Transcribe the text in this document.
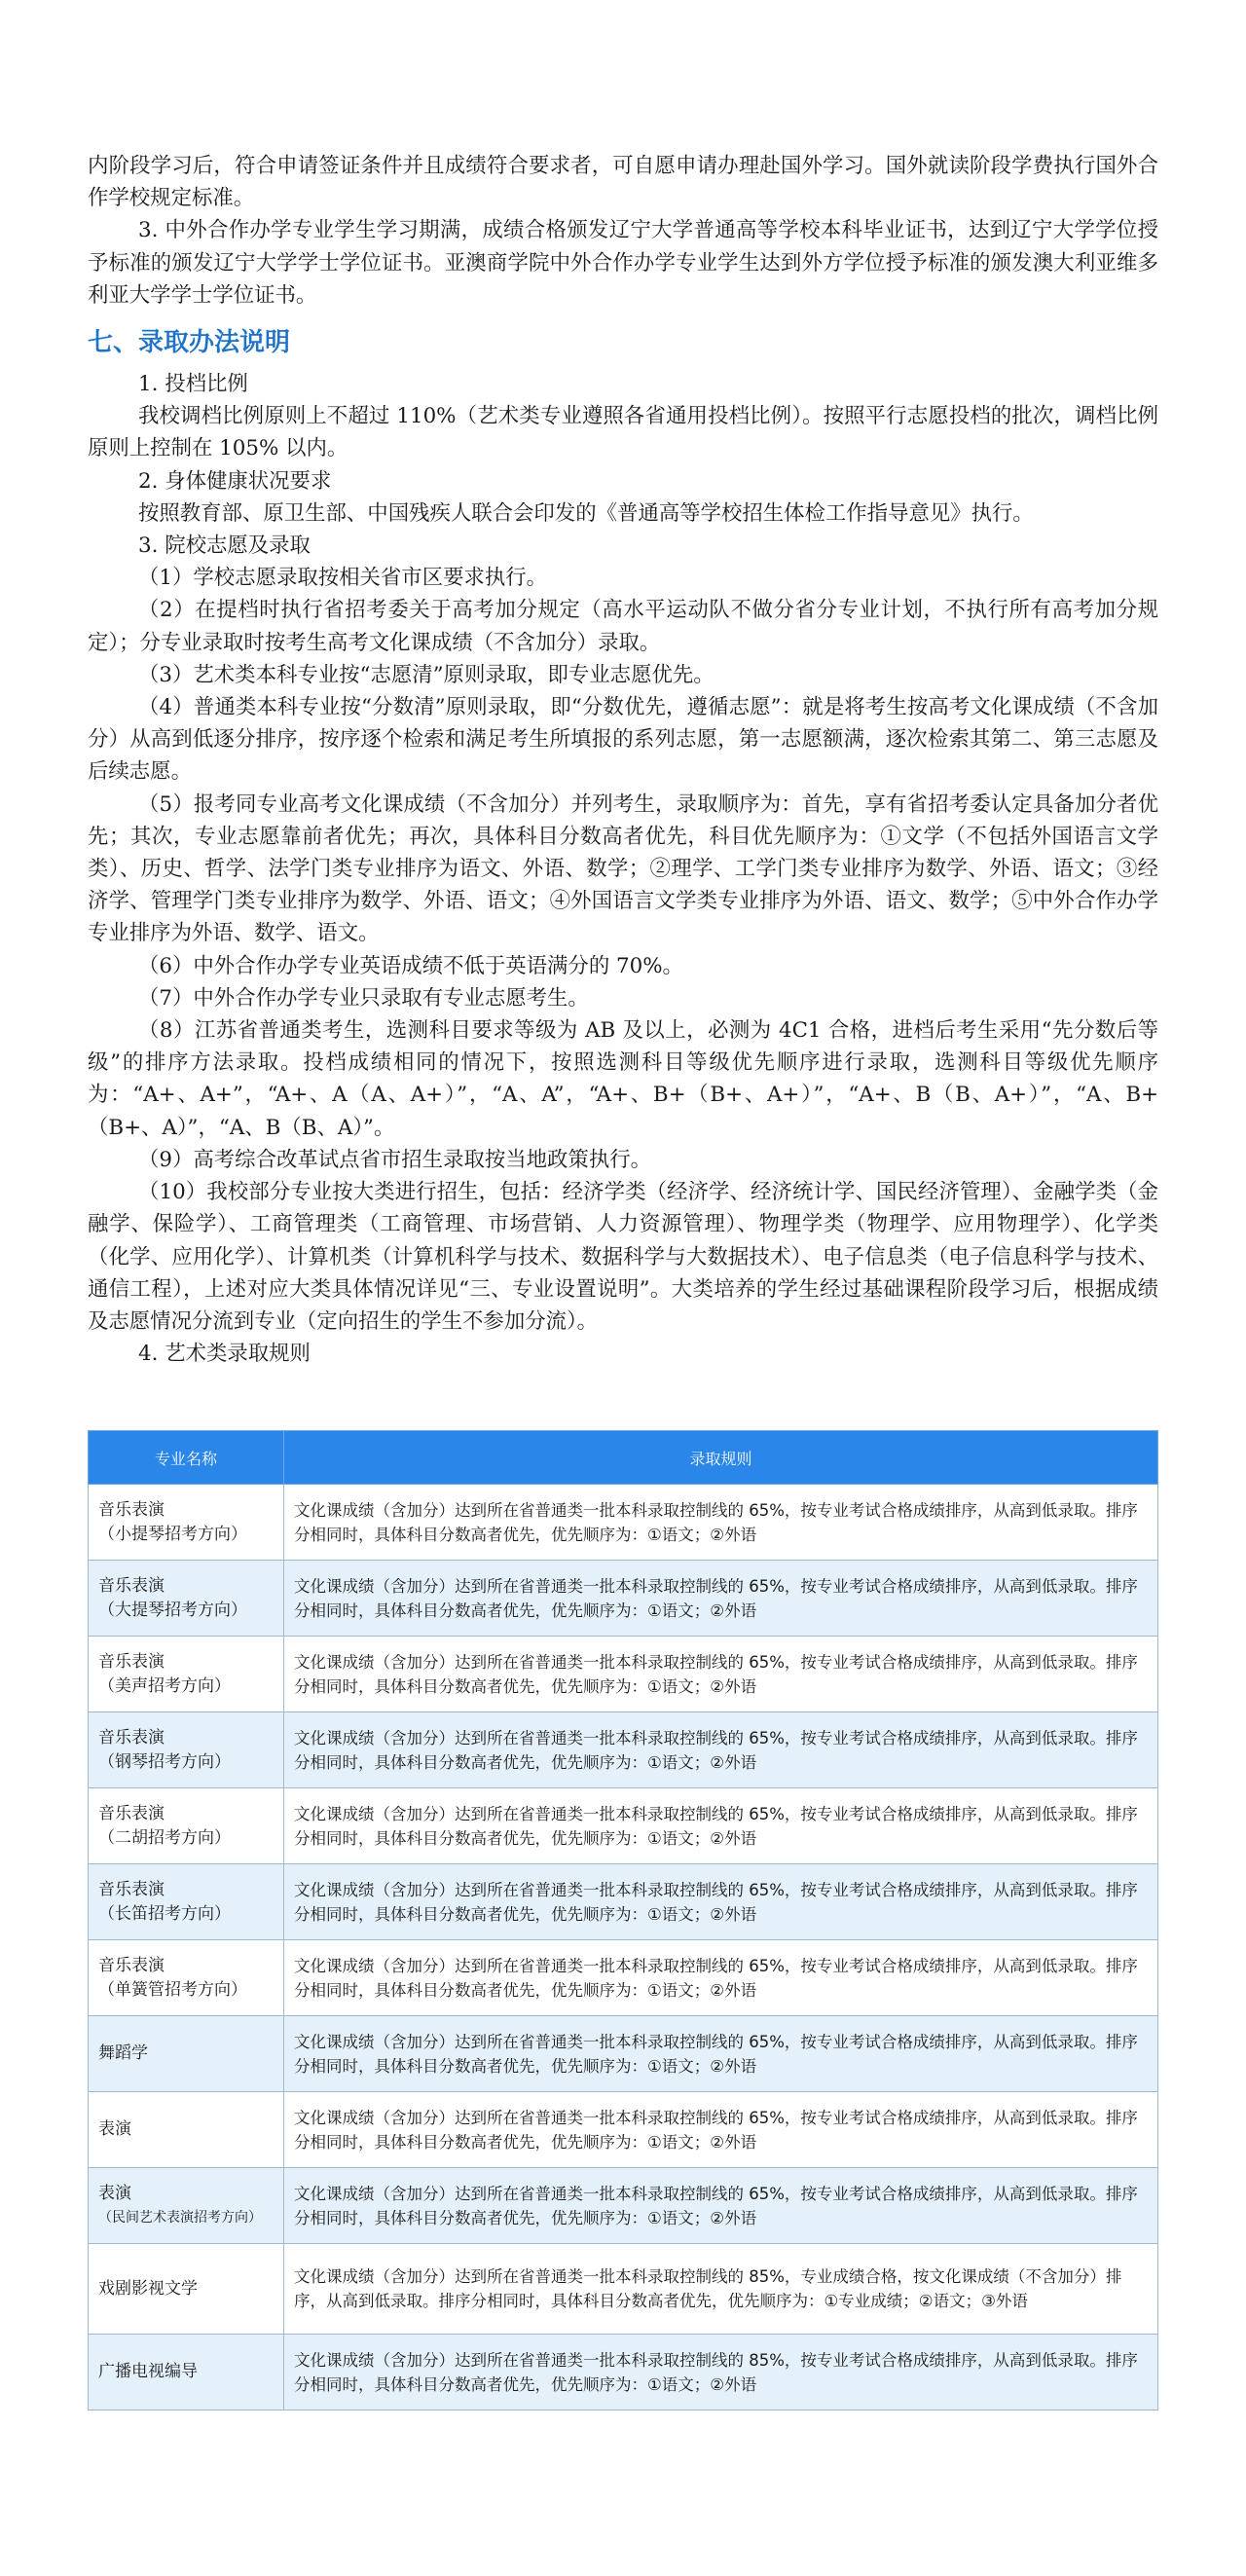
内阶段学习后，符合申请签证条件并且成绩符合要求者，可自愿申请办理赴国外学习。国外就读阶段学费执行国外合作学校规定标准。

3. 中外合作办学专业学生学习期满，成绩合格颁发辽宁大学普通高等学校本科毕业证书，达到辽宁大学学位授予标准的颁发辽宁大学学士学位证书。亚澳商学院中外合作办学专业学生达到外方学位授予标准的颁发澳大利亚维多利亚大学学士学位证书。

七、录取办法说明

1. 投档比例

我校调档比例原则上不超过 110%（艺术类专业遵照各省通用投档比例）。按照平行志愿投档的批次，调档比例原则上控制在 105% 以内。

2. 身体健康状况要求

按照教育部、原卫生部、中国残疾人联合会印发的《普通高等学校招生体检工作指导意见》执行。

3. 院校志愿及录取

（1）学校志愿录取按相关省市区要求执行。

（2）在提档时执行省招考委关于高考加分规定（高水平运动队不做分省分专业计划，不执行所有高考加分规定）；分专业录取时按考生高考文化课成绩（不含加分）录取。

（3）艺术类本科专业按“志愿清”原则录取，即专业志愿优先。

（4）普通类本科专业按“分数清”原则录取，即“分数优先，遵循志愿”：就是将考生按高考文化课成绩（不含加分）从高到低逐分排序，按序逐个检索和满足考生所填报的系列志愿，第一志愿额满，逐次检索其第二、第三志愿及后续志愿。

（5）报考同专业高考文化课成绩（不含加分）并列考生，录取顺序为：首先，享有省招考委认定具备加分者优先；其次，专业志愿靠前者优先；再次，具体科目分数高者优先，科目优先顺序为：①文学（不包括外国语言文学类）、历史、哲学、法学门类专业排序为语文、外语、数学；②理学、工学门类专业排序为数学、外语、语文；③经济学、管理学门类专业排序为数学、外语、语文；④外国语言文学类专业排序为外语、语文、数学；⑤中外合作办学专业排序为外语、数学、语文。

（6）中外合作办学专业英语成绩不低于英语满分的 70%。

（7）中外合作办学专业只录取有专业志愿考生。

（8）江苏省普通类考生，选测科目要求等级为 AB 及以上，必测为 4C1 合格，进档后考生采用“先分数后等级”的排序方法录取。投档成绩相同的情况下，按照选测科目等级优先顺序进行录取，选测科目等级优先顺序为：“A+、A+”，“A+、A（A、A+）”，“A、A”，“A+、B+（B+、A+）”，“A+、B（B、A+）”，“A、B+（B+、A）”，“A、B（B、A）”。

（9）高考综合改革试点省市招生录取按当地政策执行。

（10）我校部分专业按大类进行招生，包括：经济学类（经济学、经济统计学、国民经济管理）、金融学类（金融学、保险学）、工商管理类（工商管理、市场营销、人力资源管理）、物理学类（物理学、应用物理学）、化学类（化学、应用化学）、计算机类（计算机科学与技术、数据科学与大数据技术）、电子信息类（电子信息科学与技术、通信工程），上述对应大类具体情况详见“三、专业设置说明”。大类培养的学生经过基础课程阶段学习后，根据成绩及志愿情况分流到专业（定向招生的学生不参加分流）。

4. 艺术类录取规则

专业名称	录取规则

音乐表演
（小提琴招考方向）	文化课成绩（含加分）达到所在省普通类一批本科录取控制线的 65%，按专业考试合格成绩排序，从高到低录取。排序分相同时，具体科目分数高者优先，优先顺序为：①语文；②外语

音乐表演
（大提琴招考方向）	文化课成绩（含加分）达到所在省普通类一批本科录取控制线的 65%，按专业考试合格成绩排序，从高到低录取。排序分相同时，具体科目分数高者优先，优先顺序为：①语文；②外语

音乐表演
（美声招考方向）	文化课成绩（含加分）达到所在省普通类一批本科录取控制线的 65%，按专业考试合格成绩排序，从高到低录取。排序分相同时，具体科目分数高者优先，优先顺序为：①语文；②外语

音乐表演
（钢琴招考方向）	文化课成绩（含加分）达到所在省普通类一批本科录取控制线的 65%，按专业考试合格成绩排序，从高到低录取。排序分相同时，具体科目分数高者优先，优先顺序为：①语文；②外语

音乐表演
（二胡招考方向）	文化课成绩（含加分）达到所在省普通类一批本科录取控制线的 65%，按专业考试合格成绩排序，从高到低录取。排序分相同时，具体科目分数高者优先，优先顺序为：①语文；②外语

音乐表演
（长笛招考方向）	文化课成绩（含加分）达到所在省普通类一批本科录取控制线的 65%，按专业考试合格成绩排序，从高到低录取。排序分相同时，具体科目分数高者优先，优先顺序为：①语文；②外语

音乐表演
（单簧管招考方向）	文化课成绩（含加分）达到所在省普通类一批本科录取控制线的 65%，按专业考试合格成绩排序，从高到低录取。排序分相同时，具体科目分数高者优先，优先顺序为：①语文；②外语

舞蹈学	文化课成绩（含加分）达到所在省普通类一批本科录取控制线的 65%，按专业考试合格成绩排序，从高到低录取。排序分相同时，具体科目分数高者优先，优先顺序为：①语文；②外语

表演	文化课成绩（含加分）达到所在省普通类一批本科录取控制线的 65%，按专业考试合格成绩排序，从高到低录取。排序分相同时，具体科目分数高者优先，优先顺序为：①语文；②外语

表演
（民间艺术表演招考方向）	文化课成绩（含加分）达到所在省普通类一批本科录取控制线的 65%，按专业考试合格成绩排序，从高到低录取。排序分相同时，具体科目分数高者优先，优先顺序为：①语文；②外语

戏剧影视文学	文化课成绩（含加分）达到所在省普通类一批本科录取控制线的 85%，专业成绩合格，按文化课成绩（不含加分）排序，从高到低录取。排序分相同时，具体科目分数高者优先，优先顺序为：①专业成绩；②语文；③外语

广播电视编导	文化课成绩（含加分）达到所在省普通类一批本科录取控制线的 85%，按专业考试合格成绩排序，从高到低录取。排序分相同时，具体科目分数高者优先，优先顺序为：①语文；②外语
